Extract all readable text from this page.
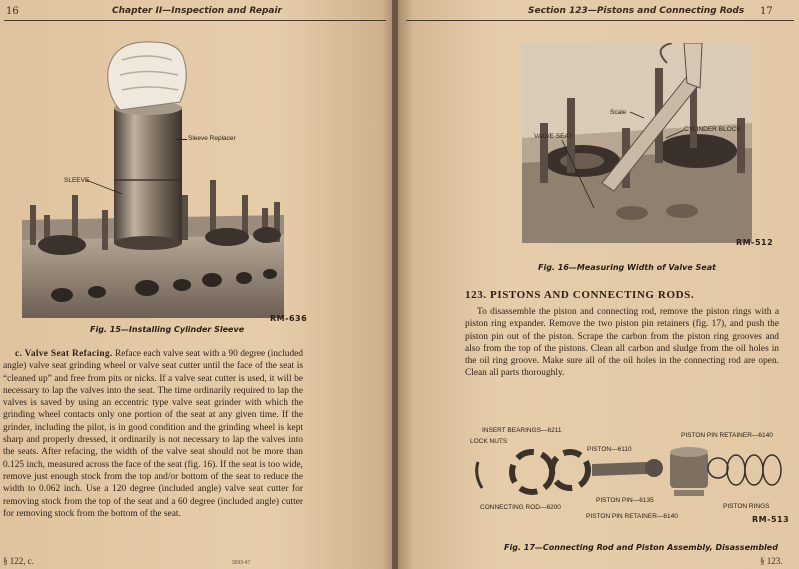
16	Chapter II—Inspection and Repair
Sleeve Replacer
SLEEVE
RM-636
Fig. 15—Installing Cylinder Sleeve

c. Valve Seat Refacing. Reface each valve seat with a 90 degree (included angle) valve seat grinding wheel or valve seat cutter until the face of the seat is “cleaned up” and free from pits or nicks. If a valve seat cutter is used, it will be necessary to lap the valves into the seat. The time ordinarily required to lap the valves is saved by using an eccentric type valve seat grinder with which the grinding wheel contacts only one portion of the seat at any given time. If the grinder, including the pilot, is in good condition and the grinding wheel is kept sharp and properly dressed, it ordinarily is not necessary to lap the valves into the seats. After refacing, the width of the valve seat should not be more than 0.125 inch, measured across the face of the seat (fig. 16). If the seat is too wide, remove just enough stock from the top and/or bottom of the seat to reduce the width to 0.062 inch. Use a 120 degree (included angle) valve seat cutter for removing stock from the top of the seat and a 60 degree (included angle) cutter for removing stock from the bottom of the seat.

§ 122, c.	3693-47
Section 123—Pistons and Connecting Rods 17
Scale
VALVE SEAT
CYLINDER BLOCK
RM-512
Fig. 16—Measuring Width of Valve Seat
123. PISTONS AND CONNECTING RODS.

To disassemble the piston and connecting rod, remove the piston rings with a piston ring expander. Remove the two piston pin retainers (fig. 17), and push the piston pin out of the piston. Scrape the carbon from the piston ring grooves and also from the top of the pistons. Clean all carbon and sludge from the oil holes in the oil ring groove. Make sure all of the oil holes in the connecting rod are open. Clean all parts thoroughly.

INSERT BEARINGS—6211
LOCK NUTS
PISTON—6110
PISTON PIN RETAINER—6140
CONNECTING ROD—6200
PISTON PIN—6135
PISTON PIN RETAINER—6140
PISTON RINGS
RM-513
Fig. 17—Connecting Rod and Piston Assembly, Disassembled
§ 123.
